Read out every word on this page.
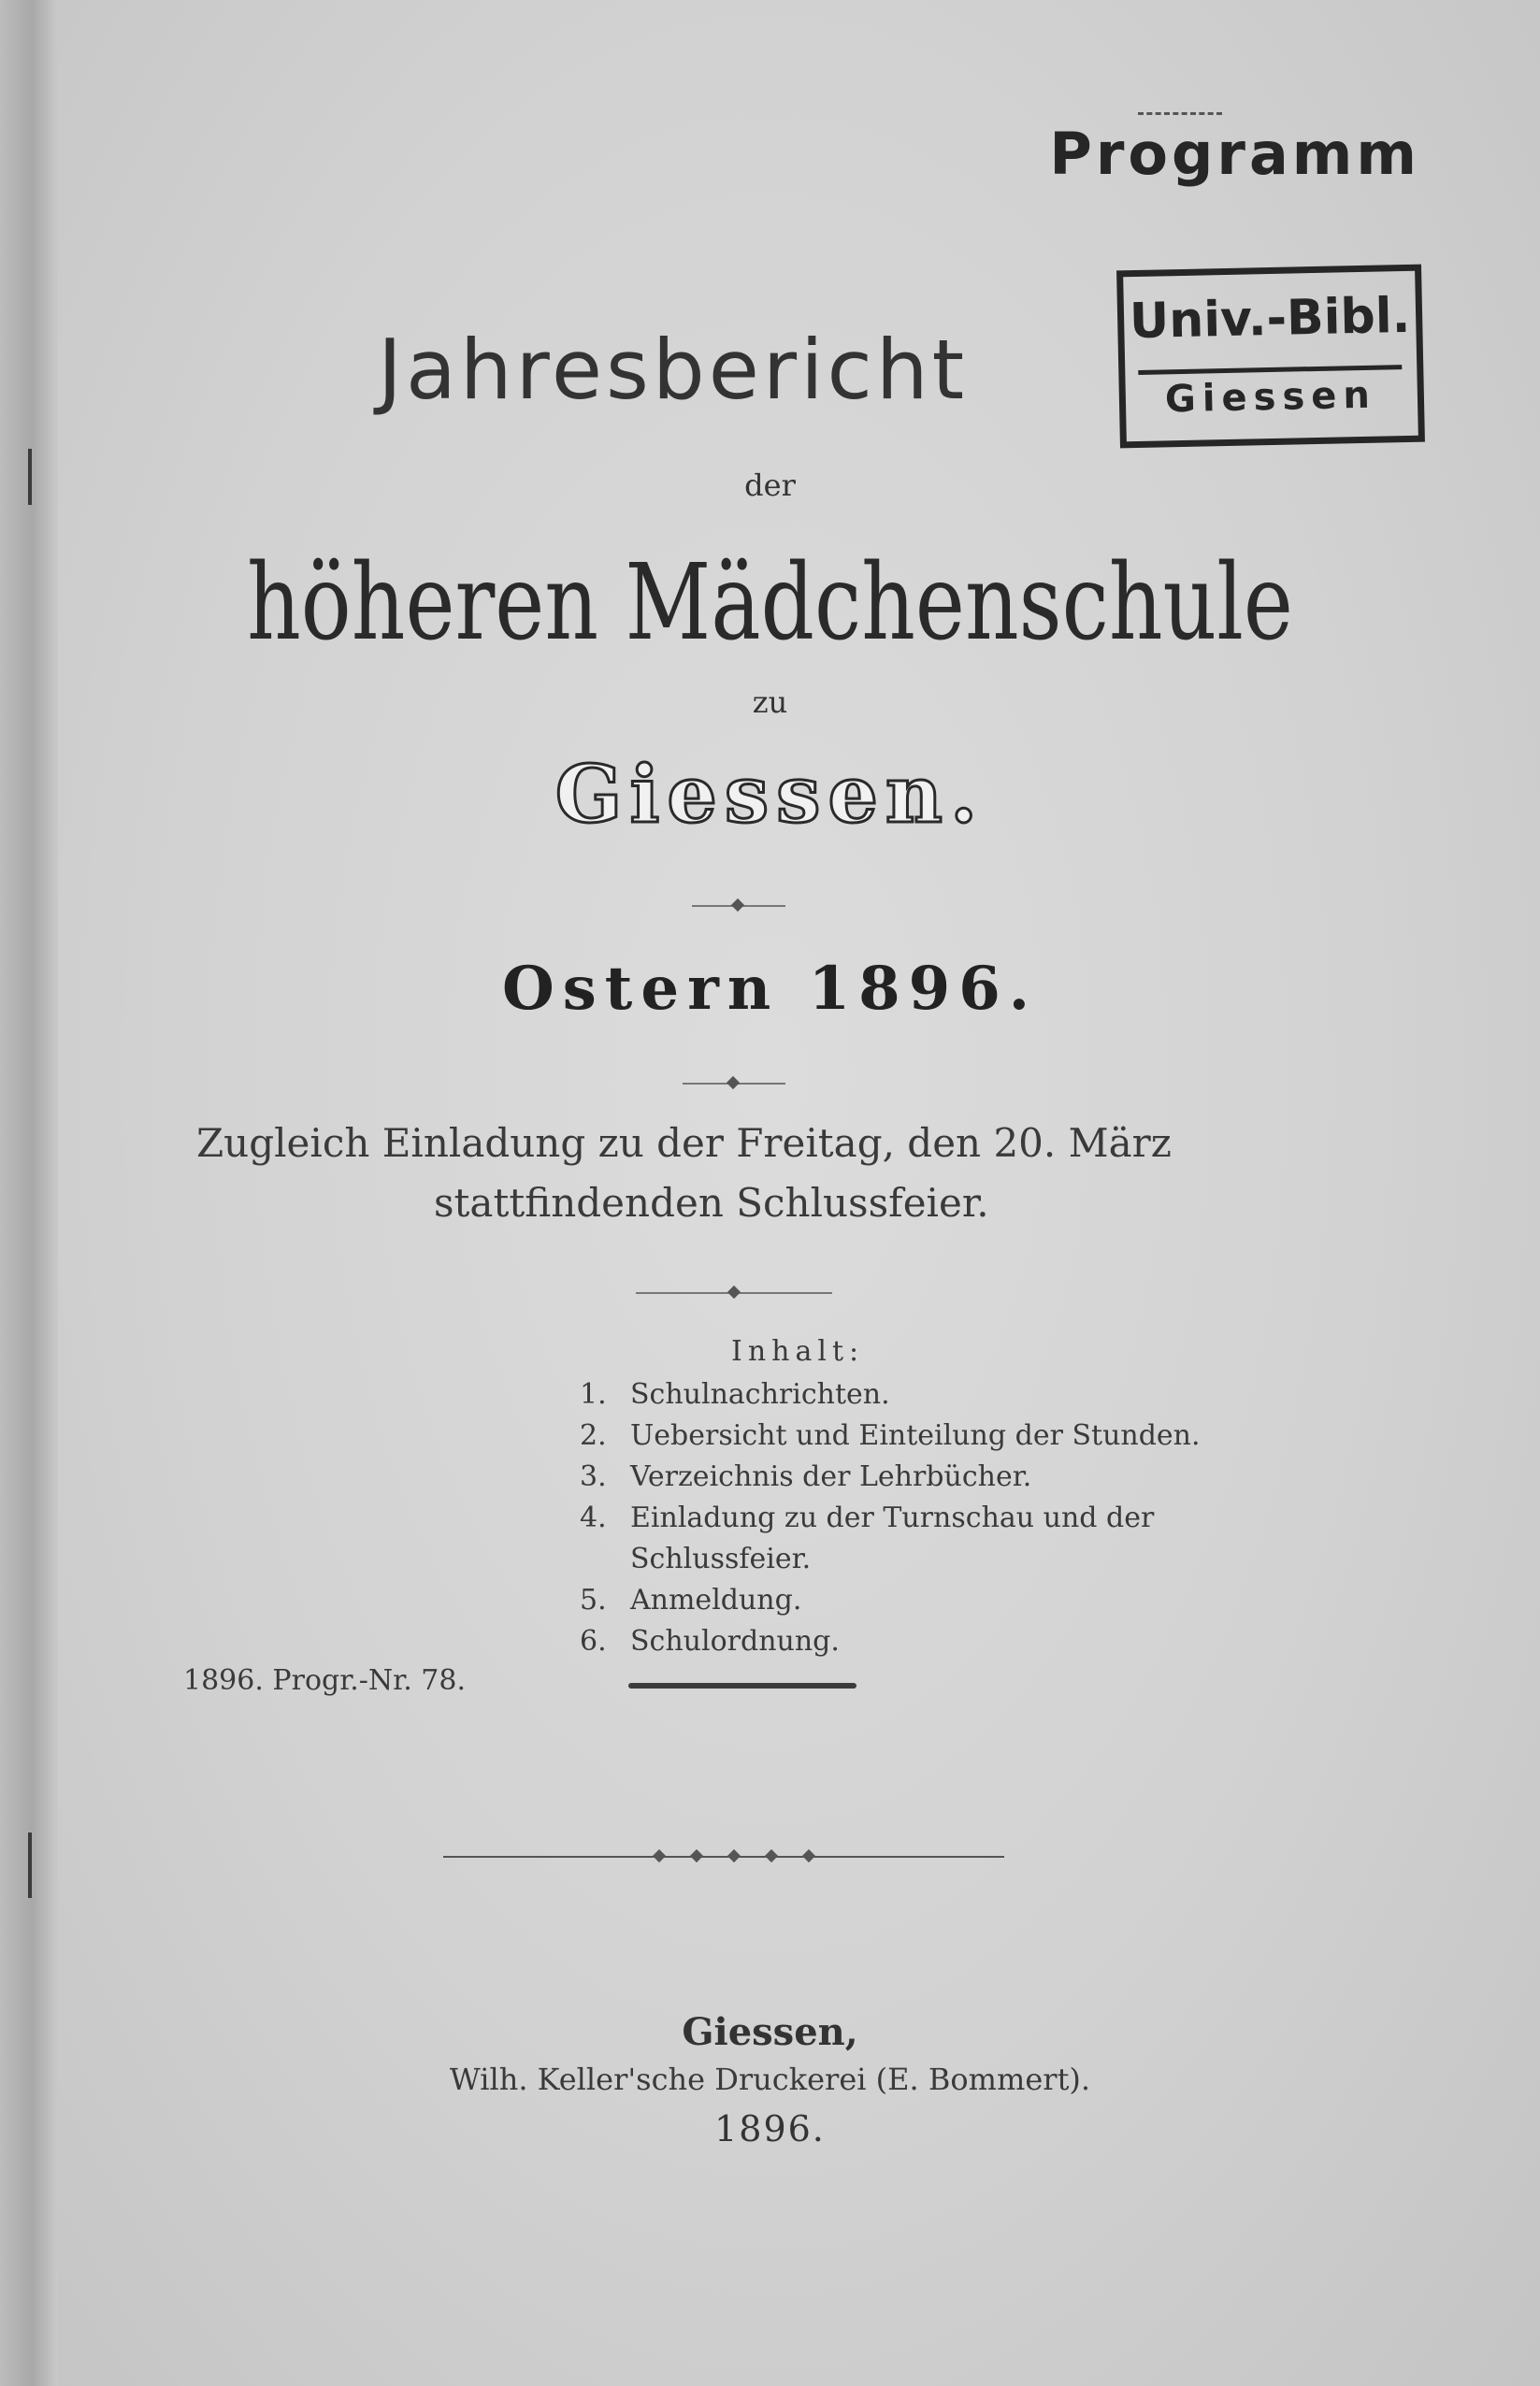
Programm
Univ.-Bibl.
Giessen
Jahresbericht
der
höheren Mädchenschule
zu
Giessen.
Ostern 1896.
Zugleich Einladung zu der Freitag, den 20. März
stattfindenden Schlussfeier.
Inhalt:
1. Schulnachrichten.
2. Uebersicht und Einteilung der Stunden.
3. Verzeichnis der Lehrbücher.
4. Einladung zu der Turnschau und der Schlussfeier.
5. Anmeldung.
6. Schulordnung.
1896. Progr.-Nr. 78.
Giessen,
Wilh. Keller'sche Druckerei (E. Bommert).
1896.
